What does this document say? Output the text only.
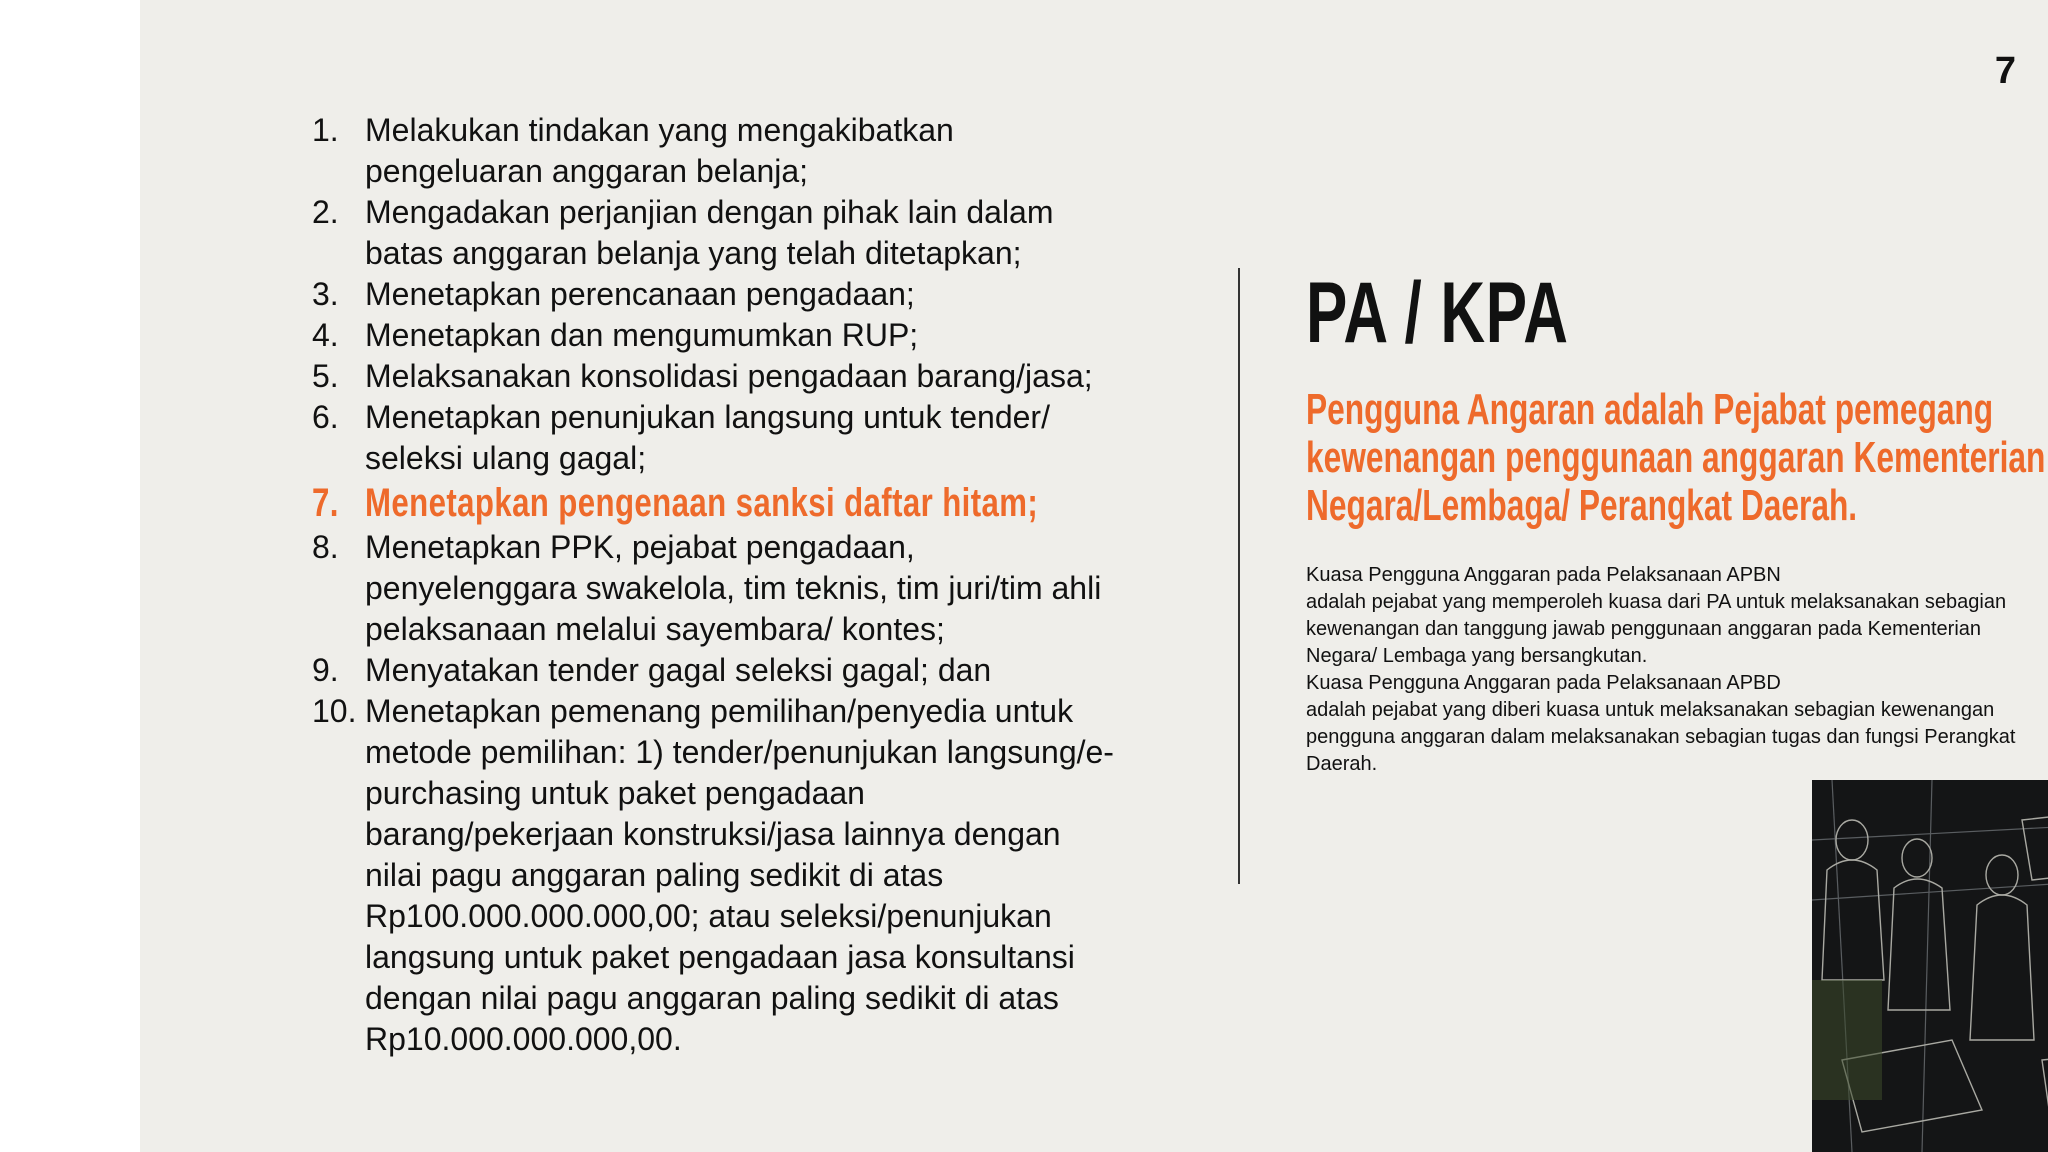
7
PA / KPA
Pengguna Angaran adalah Pejabat pemegang
kewenangan penggunaan anggaran Kementerian
Negara/Lembaga/ Perangkat Daerah.
Kuasa Pengguna Anggaran pada Pelaksanaan APBN
adalah pejabat yang memperoleh kuasa dari PA untuk melaksanakan sebagian
kewenangan dan tanggung jawab penggunaan anggaran pada Kementerian
Negara/ Lembaga yang bersangkutan.
Kuasa Pengguna Anggaran pada Pelaksanaan APBD
adalah pejabat yang diberi kuasa untuk melaksanakan sebagian kewenangan
pengguna anggaran dalam melaksanakan sebagian tugas dan fungsi Perangkat
Daerah.
1. Melakukan tindakan yang mengakibatkan
pengeluaran anggaran belanja;
2. Mengadakan perjanjian dengan pihak lain dalam
batas anggaran belanja yang telah ditetapkan;
3. Menetapkan perencanaan pengadaan;
4. Menetapkan dan mengumumkan RUP;
5. Melaksanakan konsolidasi pengadaan barang/jasa;
6. Menetapkan penunjukan langsung untuk tender/
seleksi ulang gagal;
7. Menetapkan pengenaan sanksi daftar hitam;
8. Menetapkan PPK, pejabat pengadaan,
penyelenggara swakelola, tim teknis, tim juri/tim ahli
pelaksanaan melalui sayembara/ kontes;
9. Menyatakan tender gagal seleksi gagal; dan
10. Menetapkan pemenang pemilihan/penyedia untuk
metode pemilihan: 1) tender/penunjukan langsung/e-
purchasing untuk paket pengadaan
barang/pekerjaan konstruksi/jasa lainnya dengan
nilai pagu anggaran paling sedikit di atas
Rp100.000.000.000,00; atau seleksi/penunjukan
langsung untuk paket pengadaan jasa konsultansi
dengan nilai pagu anggaran paling sedikit di atas
Rp10.000.000.000,00.
